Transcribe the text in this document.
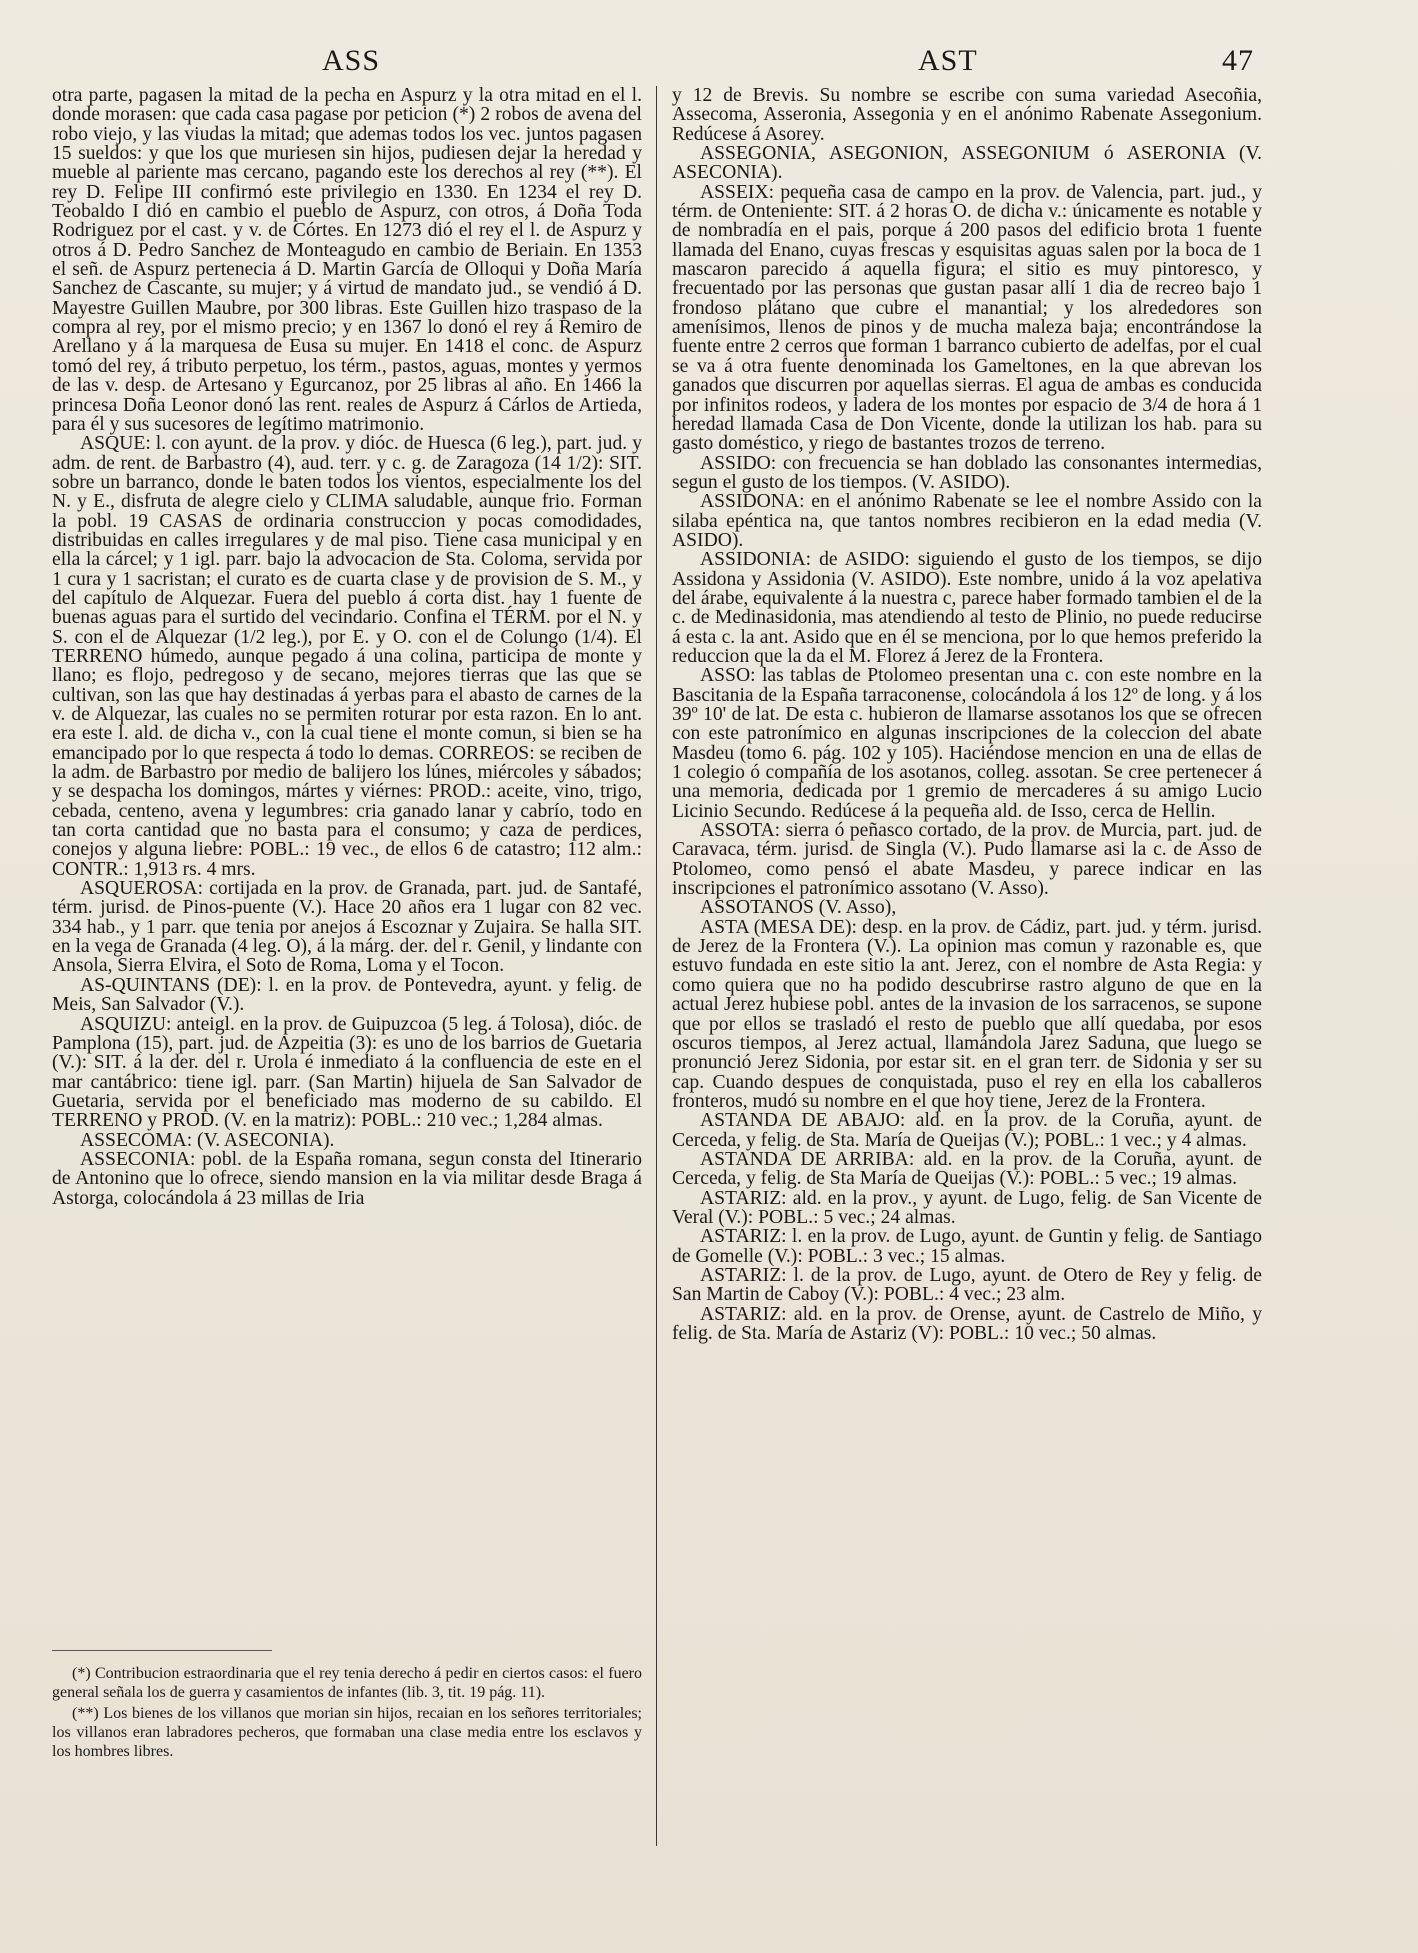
ASS	AST	47

otra parte, pagasen la mitad de la pecha en Aspurz y la otra mitad en el l. donde morasen: que cada casa pagase por peticion (*) 2 robos de avena del robo viejo, y las viudas la mitad; que ademas todos los vec. juntos pagasen 15 sueldos: y que los que muriesen sin hijos, pudiesen dejar la heredad y mueble al pariente mas cercano, pagando este los derechos al rey (**). El rey D. Felipe III confirmó este privilegio en 1330. En 1234 el rey D. Teobaldo I dió en cambio el pueblo de Aspurz, con otros, á Doña Toda Rodriguez por el cast. y v. de Córtes. En 1273 dió el rey el l. de Aspurz y otros á D. Pedro Sanchez de Monteagudo en cambio de Beriain. En 1353 el señ. de Aspurz pertenecia á D. Martin García de Olloqui y Doña María Sanchez de Cascante, su mujer; y á virtud de mandato jud., se vendió á D. Mayestre Guillen Maubre, por 300 libras. Este Guillen hizo traspaso de la compra al rey, por el mismo precio; y en 1367 lo donó el rey á Remiro de Arellano y á la marquesa de Eusa su mujer. En 1418 el conc. de Aspurz tomó del rey, á tributo perpetuo, los térm., pastos, aguas, montes y yermos de las v. desp. de Artesano y Egurcanoz, por 25 libras al año. En 1466 la princesa Doña Leonor donó las rent. reales de Aspurz á Cárlos de Artieda, para él y sus sucesores de legítimo matrimonio.

ASQUE: l. con ayunt. de la prov. y dióc. de Huesca (6 leg.), part. jud. y adm. de rent. de Barbastro (4), aud. terr. y c. g. de Zaragoza (14 1/2): SIT. sobre un barranco, donde le baten todos los vientos, especialmente los del N. y E., disfruta de alegre cielo y CLIMA saludable, aunque frio. Forman la pobl. 19 CASAS de ordinaria construccion y pocas comodidades, distribuidas en calles irregulares y de mal piso. Tiene casa municipal y en ella la cárcel; y 1 igl. parr. bajo la advocacion de Sta. Coloma, servida por 1 cura y 1 sacristan; el curato es de cuarta clase y de provision de S. M., y del capítulo de Alquezar. Fuera del pueblo á corta dist. hay 1 fuente de buenas aguas para el surtido del vecindario. Confina el TÉRM. por el N. y S. con el de Alquezar (1/2 leg.), por E. y O. con el de Colungo (1/4). El TERRENO húmedo, aunque pegado á una colina, participa de monte y llano; es flojo, pedregoso y de secano, mejores tierras que las que se cultivan, son las que hay destinadas á yerbas para el abasto de carnes de la v. de Alquezar, las cuales no se permiten roturar por esta razon. En lo ant. era este l. ald. de dicha v., con la cual tiene el monte comun, si bien se ha emancipado por lo que respecta á todo lo demas. CORREOS: se reciben de la adm. de Barbastro por medio de balijero los lúnes, miércoles y sábados; y se despacha los domingos, mártes y viérnes: PROD.: aceite, vino, trigo, cebada, centeno, avena y legumbres: cria ganado lanar y cabrío, todo en tan corta cantidad que no basta para el consumo; y caza de perdices, conejos y alguna liebre: POBL.: 19 vec., de ellos 6 de catastro; 112 alm.: CONTR.: 1,913 rs. 4 mrs.

ASQUEROSA: cortijada en la prov. de Granada, part. jud. de Santafé, térm. jurisd. de Pinos-puente (V.). Hace 20 años era 1 lugar con 82 vec. 334 hab., y 1 parr. que tenia por anejos á Escoznar y Zujaira. Se halla SIT. en la vega de Granada (4 leg. O), á la márg. der. del r. Genil, y lindante con Ansola, Sierra Elvira, el Soto de Roma, Loma y el Tocon.

AS-QUINTANS (DE): l. en la prov. de Pontevedra, ayunt. y felig. de Meis, San Salvador (V.).

ASQUIZU: anteigl. en la prov. de Guipuzcoa (5 leg. á Tolosa), dióc. de Pamplona (15), part. jud. de Azpeitia (3): es uno de los barrios de Guetaria (V.): SIT. á la der. del r. Urola é inmediato á la confluencia de este en el mar cantábrico: tiene igl. parr. (San Martin) hijuela de San Salvador de Guetaria, servida por el beneficiado mas moderno de su cabildo. El TERRENO y PROD. (V. en la matriz): POBL.: 210 vec.; 1,284 almas.

ASSECOMA: (V. ASECONIA).

ASSECONIA: pobl. de la España romana, segun consta del Itinerario de Antonino que lo ofrece, siendo mansion en la via militar desde Braga á Astorga, colocándola á 23 millas de Iria

(*) Contribucion estraordinaria que el rey tenia derecho á pedir en ciertos casos: el fuero general señala los de guerra y casamientos de infantes (lib. 3, tit. 19 pág. 11).

(**) Los bienes de los villanos que morian sin hijos, recaian en los señores territoriales; los villanos eran labradores pecheros, que formaban una clase media entre los esclavos y los hombres libres.

y 12 de Brevis. Su nombre se escribe con suma variedad Asecoñia, Assecoma, Asseronia, Assegonia y en el anónimo Rabenate Assegonium. Redúcese á Asorey.

ASSEGONIA, ASEGONION, ASSEGONIUM ó ASERONIA (V. ASECONIA).

ASSEIX: pequeña casa de campo en la prov. de Valencia, part. jud., y térm. de Onteniente: SIT. á 2 horas O. de dicha v.: únicamente es notable y de nombradía en el pais, porque á 200 pasos del edificio brota 1 fuente llamada del Enano, cuyas frescas y esquisitas aguas salen por la boca de 1 mascaron parecido á aquella figura; el sitio es muy pintoresco, y frecuentado por las personas que gustan pasar allí 1 dia de recreo bajo 1 frondoso plátano que cubre el manantial; y los alrededores son amenísimos, llenos de pinos y de mucha maleza baja; encontrándose la fuente entre 2 cerros que forman 1 barranco cubierto de adelfas, por el cual se va á otra fuente denominada los Gameltones, en la que abrevan los ganados que discurren por aquellas sierras. El agua de ambas es conducida por infinitos rodeos, y ladera de los montes por espacio de 3/4 de hora á 1 heredad llamada Casa de Don Vicente, donde la utilizan los hab. para su gasto doméstico, y riego de bastantes trozos de terreno.

ASSIDO: con frecuencia se han doblado las consonantes intermedias, segun el gusto de los tiempos. (V. ASIDO).

ASSIDONA: en el anónimo Rabenate se lee el nombre Assido con la silaba epéntica na, que tantos nombres recibieron en la edad media (V. ASIDO).

ASSIDONIA: de ASIDO: siguiendo el gusto de los tiempos, se dijo Assidona y Assidonia (V. ASIDO). Este nombre, unido á la voz apelativa del árabe, equivalente á la nuestra c, parece haber formado tambien el de la c. de Medinasidonia, mas atendiendo al testo de Plinio, no puede reducirse á esta c. la ant. Asido que en él se menciona, por lo que hemos preferido la reduccion que la da el M. Florez á Jerez de la Frontera.

ASSO: las tablas de Ptolomeo presentan una c. con este nombre en la Bascitania de la España tarraconense, colocándola á los 12º de long. y á los 39º 10' de lat. De esta c. hubieron de llamarse assotanos los que se ofrecen con este patronímico en algunas inscripciones de la coleccion del abate Masdeu (tomo 6. pág. 102 y 105). Haciéndose mencion en una de ellas de 1 colegio ó compañía de los asotanos, colleg. assotan. Se cree pertenecer á una memoria, dedicada por 1 gremio de mercaderes á su amigo Lucio Licinio Secundo. Redúcese á la pequeña ald. de Isso, cerca de Hellin.

ASSOTA: sierra ó peñasco cortado, de la prov. de Murcia, part. jud. de Caravaca, térm. jurisd. de Singla (V.). Pudo llamarse asi la c. de Asso de Ptolomeo, como pensó el abate Masdeu, y parece indicar en las inscripciones el patronímico assotano (V. Asso).

ASSOTANOS (V. Asso),

ASTA (MESA DE): desp. en la prov. de Cádiz, part. jud. y térm. jurisd. de Jerez de la Frontera (V.). La opinion mas comun y razonable es, que estuvo fundada en este sitio la ant. Jerez, con el nombre de Asta Regia: y como quiera que no ha podido descubrirse rastro alguno de que en la actual Jerez hubiese pobl. antes de la invasion de los sarracenos, se supone que por ellos se trasladó el resto de pueblo que allí quedaba, por esos oscuros tiempos, al Jerez actual, llamándola Jarez Saduna, que luego se pronunció Jerez Sidonia, por estar sit. en el gran terr. de Sidonia y ser su cap. Cuando despues de conquistada, puso el rey en ella los caballeros fronteros, mudó su nombre en el que hoy tiene, Jerez de la Frontera.

ASTANDA DE ABAJO: ald. en la prov. de la Coruña, ayunt. de Cerceda, y felig. de Sta. María de Queijas (V.); POBL.: 1 vec.; y 4 almas.

ASTANDA DE ARRIBA: ald. en la prov. de la Coruña, ayunt. de Cerceda, y felig. de Sta María de Queijas (V.): POBL.: 5 vec.; 19 almas.

ASTARIZ: ald. en la prov., y ayunt. de Lugo, felig. de San Vicente de Veral (V.): POBL.: 5 vec.; 24 almas.

ASTARIZ: l. en la prov. de Lugo, ayunt. de Guntin y felig. de Santiago de Gomelle (V.): POBL.: 3 vec.; 15 almas.

ASTARIZ: l. de la prov. de Lugo, ayunt. de Otero de Rey y felig. de San Martin de Caboy (V.): POBL.: 4 vec.; 23 alm.

ASTARIZ: ald. en la prov. de Orense, ayunt. de Castrelo de Miño, y felig. de Sta. María de Astariz (V): POBL.: 10 vec.; 50 almas.
